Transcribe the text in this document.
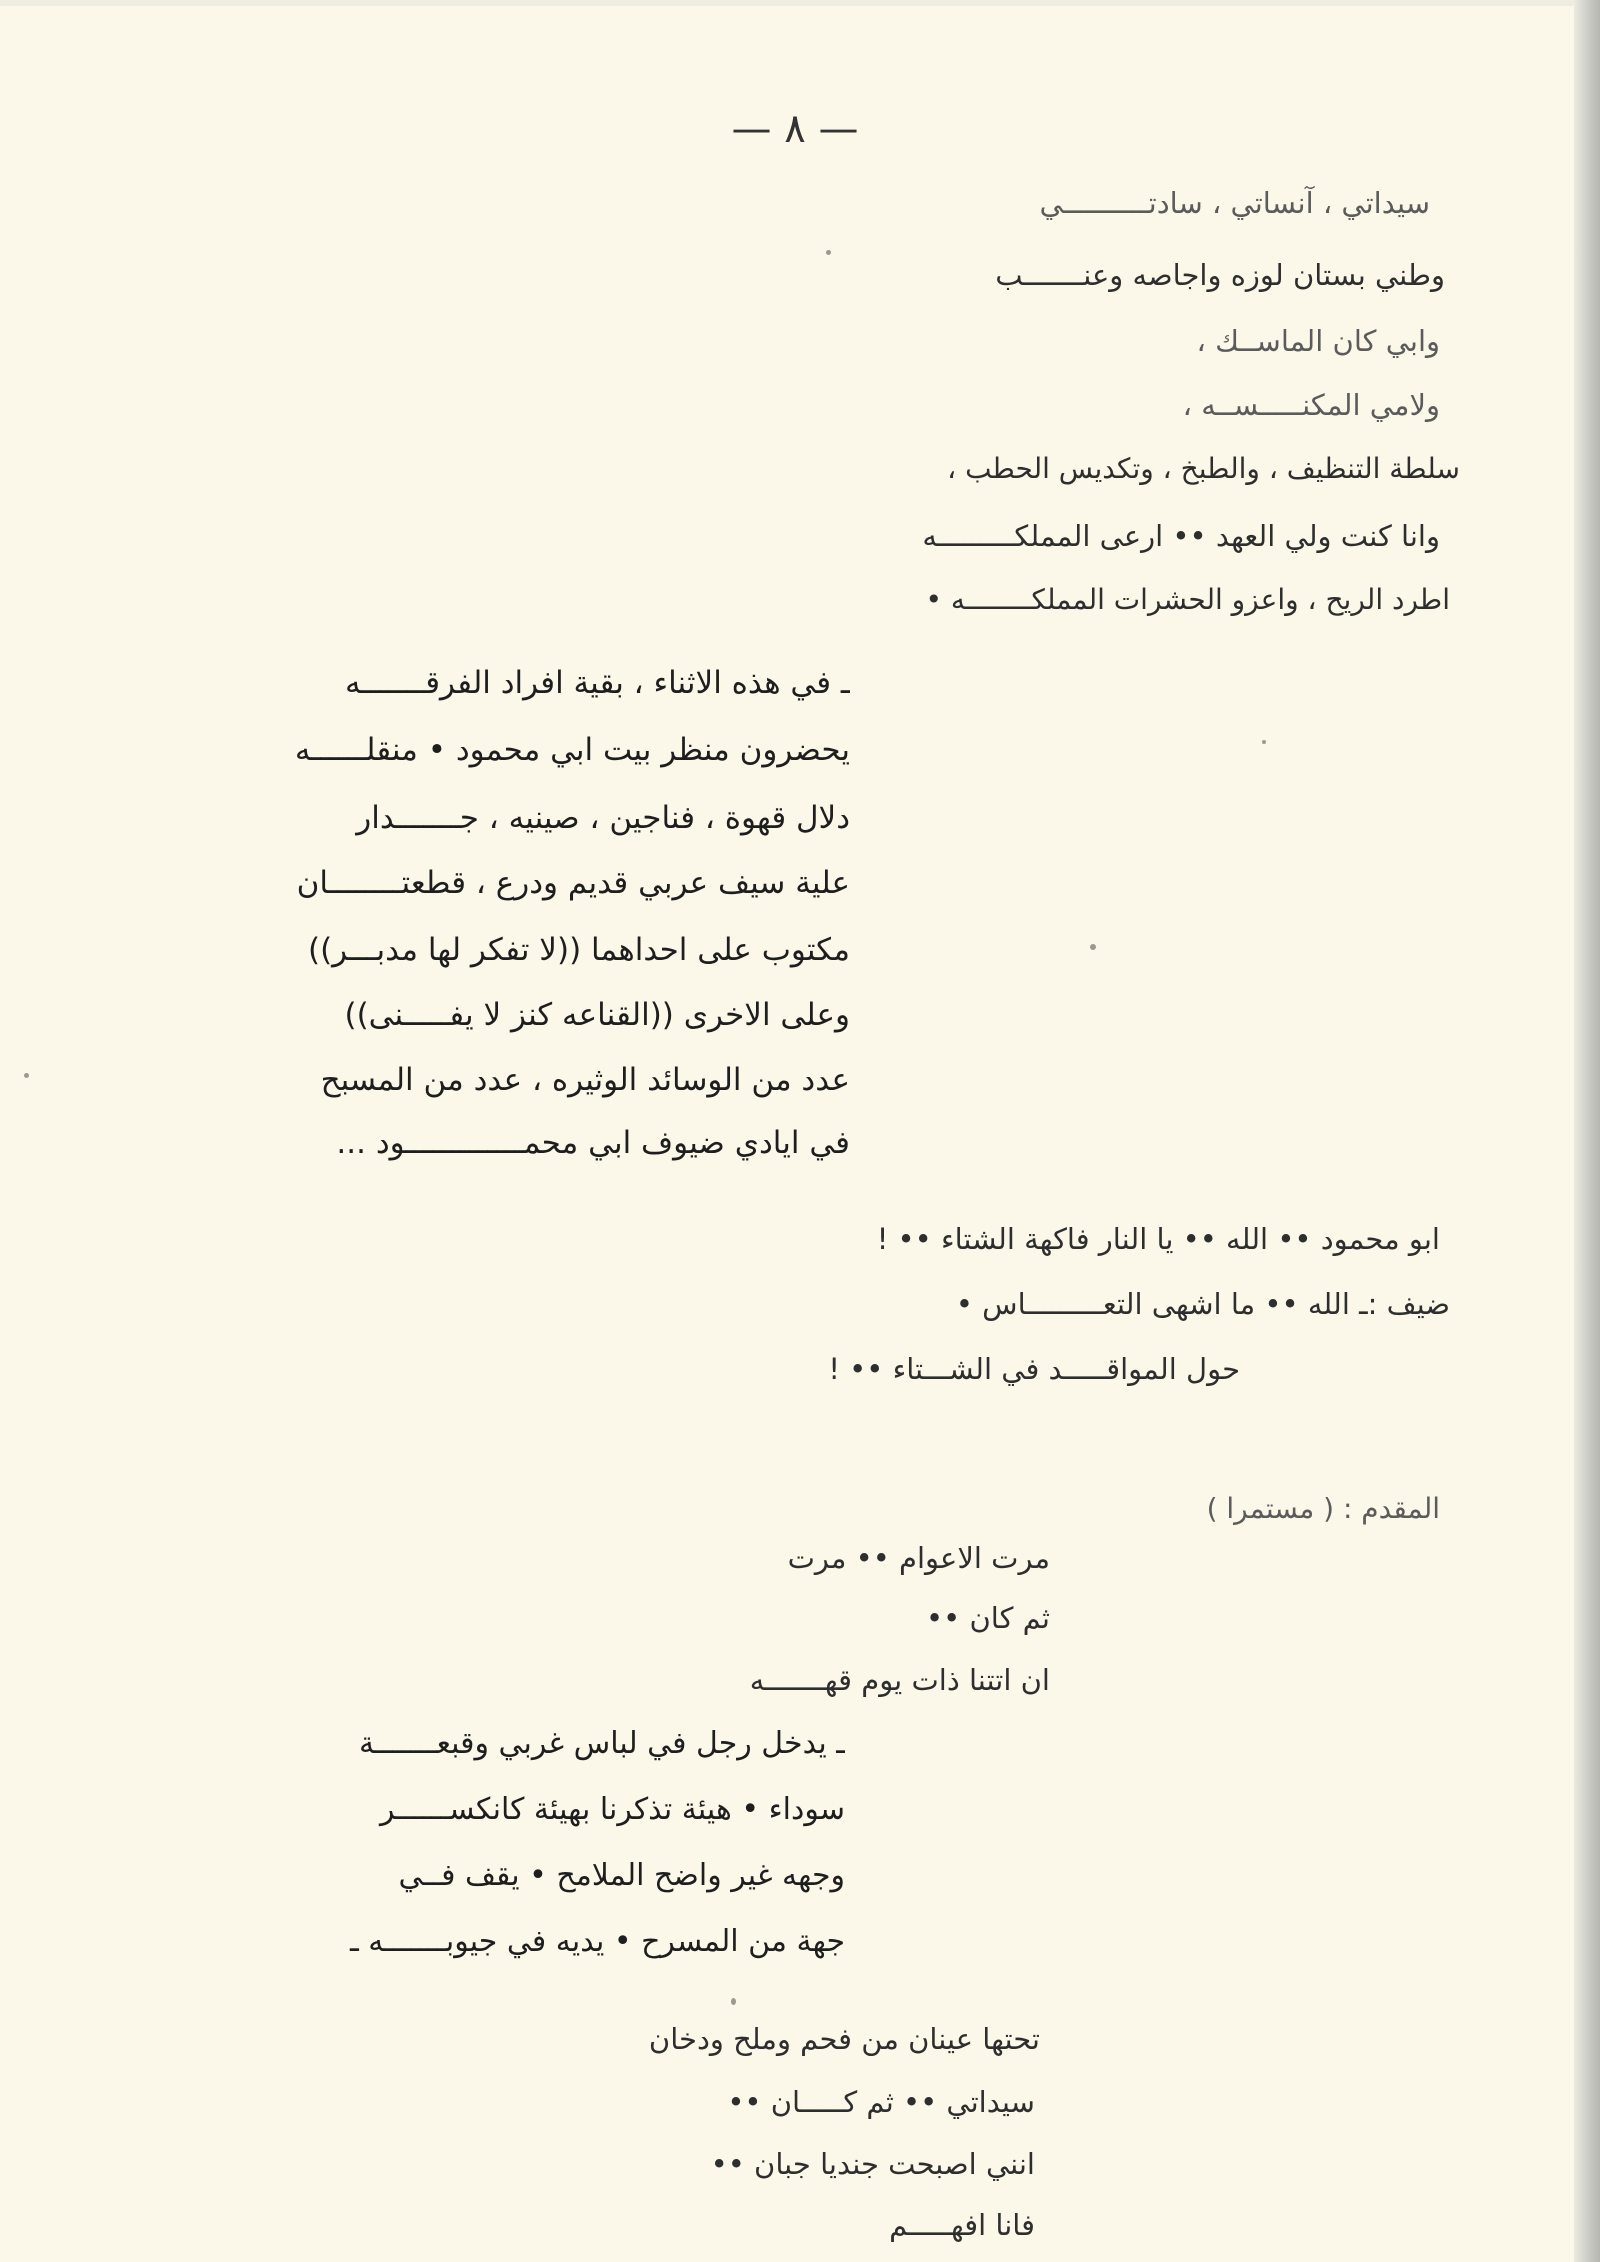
— ٨ —
سيداتي ، آنساتي ، سادتــــــــــي
وطني بستان لوزه واجاصه وعنـــــــب
وابي كان الماســك ،
ولامي المكنـــــســه ،
سلطة التنظيف ، والطبخ ، وتكديس الحطب ،
وانا كنت ولي العهد •• ارعى المملكـــــــــه
اطرد الريح ، واعزو الحشرات المملكــــــــه •
ـ في هذه الاثناء ، بقية افراد الفرقـــــــه
يحضرون منظر بيت ابي محمود • منقلــــــه
دلال قهوة ، فناجين ، صينيه ، جـــــــدار
علية سيف عربي قديم ودرع ، قطعتــــــــان
مكتوب على احداهما ((لا تفكر لها مدبـــر))
وعلى الاخرى ((القناعه كنز لا يفـــــنى))
عدد من الوسائد الوثيره ، عدد من المسبح
في ايادي ضيوف ابي محمـــــــــــــود ...
ابو محمود •• الله •• يا النار فاكهة الشتاء •• !
ضيف :ـ الله •• ما اشهى التعـــــــــاس •
حول المواقـــــد في الشـــتاء •• !
المقدم : ( مستمرا )
مرت الاعوام •• مرت
ثم كان ••
ان اتتنا ذات يوم قهـــــــه
ـ يدخل رجل في لباس غربي وقبعـــــــة
سوداء • هيئة تذكرنا بهيئة كانكســــــر
وجهه غير واضح الملامح • يقف فــي
جهة من المسرح • يديه في جيوبـــــــه ـ
تحتها عينان من فحم وملح ودخان
سيداتي •• ثم كـــــان ••
انني اصبحت جنديا جبان ••
فانا افهـــــم
